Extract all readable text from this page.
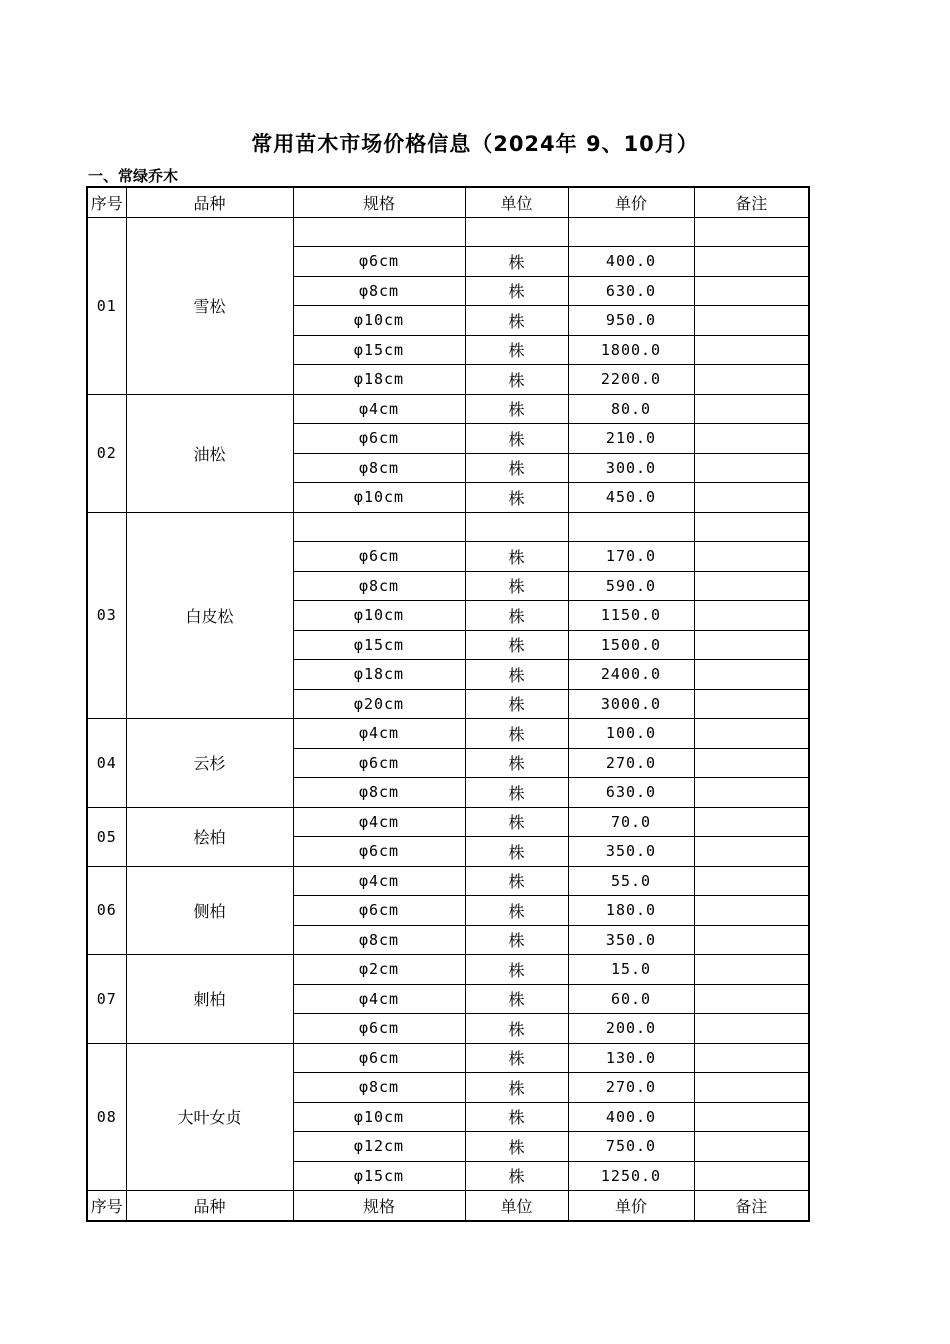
常用苗木市场价格信息（2024年 9、10月）
一、常绿乔木
序号	品种	规格	单位	单价	备注
01	雪松				
		φ6cm	株	400.0	
		φ8cm	株	630.0	
		φ10cm	株	950.0	
		φ15cm	株	1800.0	
		φ18cm	株	2200.0	
02	油松	φ4cm	株	80.0	
		φ6cm	株	210.0	
		φ8cm	株	300.0	
		φ10cm	株	450.0	
03	白皮松				
		φ6cm	株	170.0	
		φ8cm	株	590.0	
		φ10cm	株	1150.0	
		φ15cm	株	1500.0	
		φ18cm	株	2400.0	
		φ20cm	株	3000.0	
04	云杉	φ4cm	株	100.0	
		φ6cm	株	270.0	
		φ8cm	株	630.0	
05	桧柏	φ4cm	株	70.0	
		φ6cm	株	350.0	
06	侧柏	φ4cm	株	55.0	
		φ6cm	株	180.0	
		φ8cm	株	350.0	
07	刺柏	φ2cm	株	15.0	
		φ4cm	株	60.0	
		φ6cm	株	200.0	
08	大叶女贞	φ6cm	株	130.0	
		φ8cm	株	270.0	
		φ10cm	株	400.0	
		φ12cm	株	750.0	
		φ15cm	株	1250.0	
序号	品种	规格	单位	单价	备注
